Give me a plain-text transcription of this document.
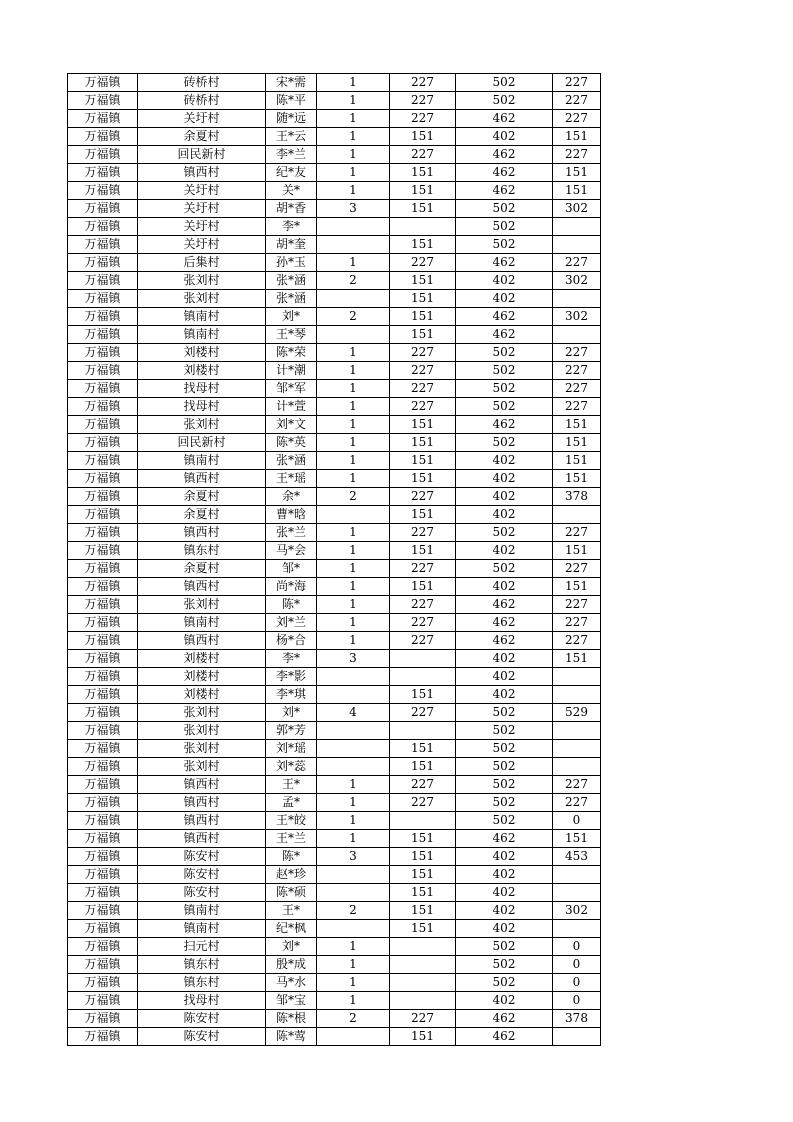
万福镇	砖桥村	宋*需	1	227	502	227
万福镇	砖桥村	陈*平	1	227	502	227
万福镇	关圩村	随*远	1	227	462	227
万福镇	余夏村	王*云	1	151	402	151
万福镇	回民新村	李*兰	1	227	462	227
万福镇	镇西村	纪*友	1	151	462	151
万福镇	关圩村	关*	1	151	462	151
万福镇	关圩村	胡*香	3	151	502	302
万福镇	关圩村	李*			502	
万福镇	关圩村	胡*奎		151	502	
万福镇	后集村	孙*玉	1	227	462	227
万福镇	张刘村	张*涵	2	151	402	302
万福镇	张刘村	张*涵		151	402	
万福镇	镇南村	刘*	2	151	462	302
万福镇	镇南村	王*琴		151	462	
万福镇	刘楼村	陈*荣	1	227	502	227
万福镇	刘楼村	计*潮	1	227	502	227
万福镇	找母村	邹*军	1	227	502	227
万福镇	找母村	计*萱	1	227	502	227
万福镇	张刘村	刘*文	1	151	462	151
万福镇	回民新村	陈*英	1	151	502	151
万福镇	镇南村	张*涵	1	151	402	151
万福镇	镇西村	王*瑶	1	151	402	151
万福镇	余夏村	余*	2	227	402	378
万福镇	余夏村	曹*晗		151	402	
万福镇	镇西村	张*兰	1	227	502	227
万福镇	镇东村	马*会	1	151	402	151
万福镇	余夏村	邹*	1	227	502	227
万福镇	镇西村	尚*海	1	151	402	151
万福镇	张刘村	陈*	1	227	462	227
万福镇	镇南村	刘*兰	1	227	462	227
万福镇	镇西村	杨*合	1	227	462	227
万福镇	刘楼村	李*	3		402	151
万福镇	刘楼村	李*影			402	
万福镇	刘楼村	李*琪		151	402	
万福镇	张刘村	刘*	4	227	502	529
万福镇	张刘村	郭*芳			502	
万福镇	张刘村	刘*瑶		151	502	
万福镇	张刘村	刘*蕊		151	502	
万福镇	镇西村	王*	1	227	502	227
万福镇	镇西村	孟*	1	227	502	227
万福镇	镇西村	王*皎	1		502	0
万福镇	镇西村	王*兰	1	151	462	151
万福镇	陈安村	陈*	3	151	402	453
万福镇	陈安村	赵*珍		151	402	
万福镇	陈安村	陈*硕		151	402	
万福镇	镇南村	王*	2	151	402	302
万福镇	镇南村	纪*枫		151	402	
万福镇	扫元村	刘*	1		502	0
万福镇	镇东村	殷*成	1		502	0
万福镇	镇东村	马*水	1		502	0
万福镇	找母村	邹*宝	1		402	0
万福镇	陈安村	陈*根	2	227	462	378
万福镇	陈安村	陈*莺		151	462	
